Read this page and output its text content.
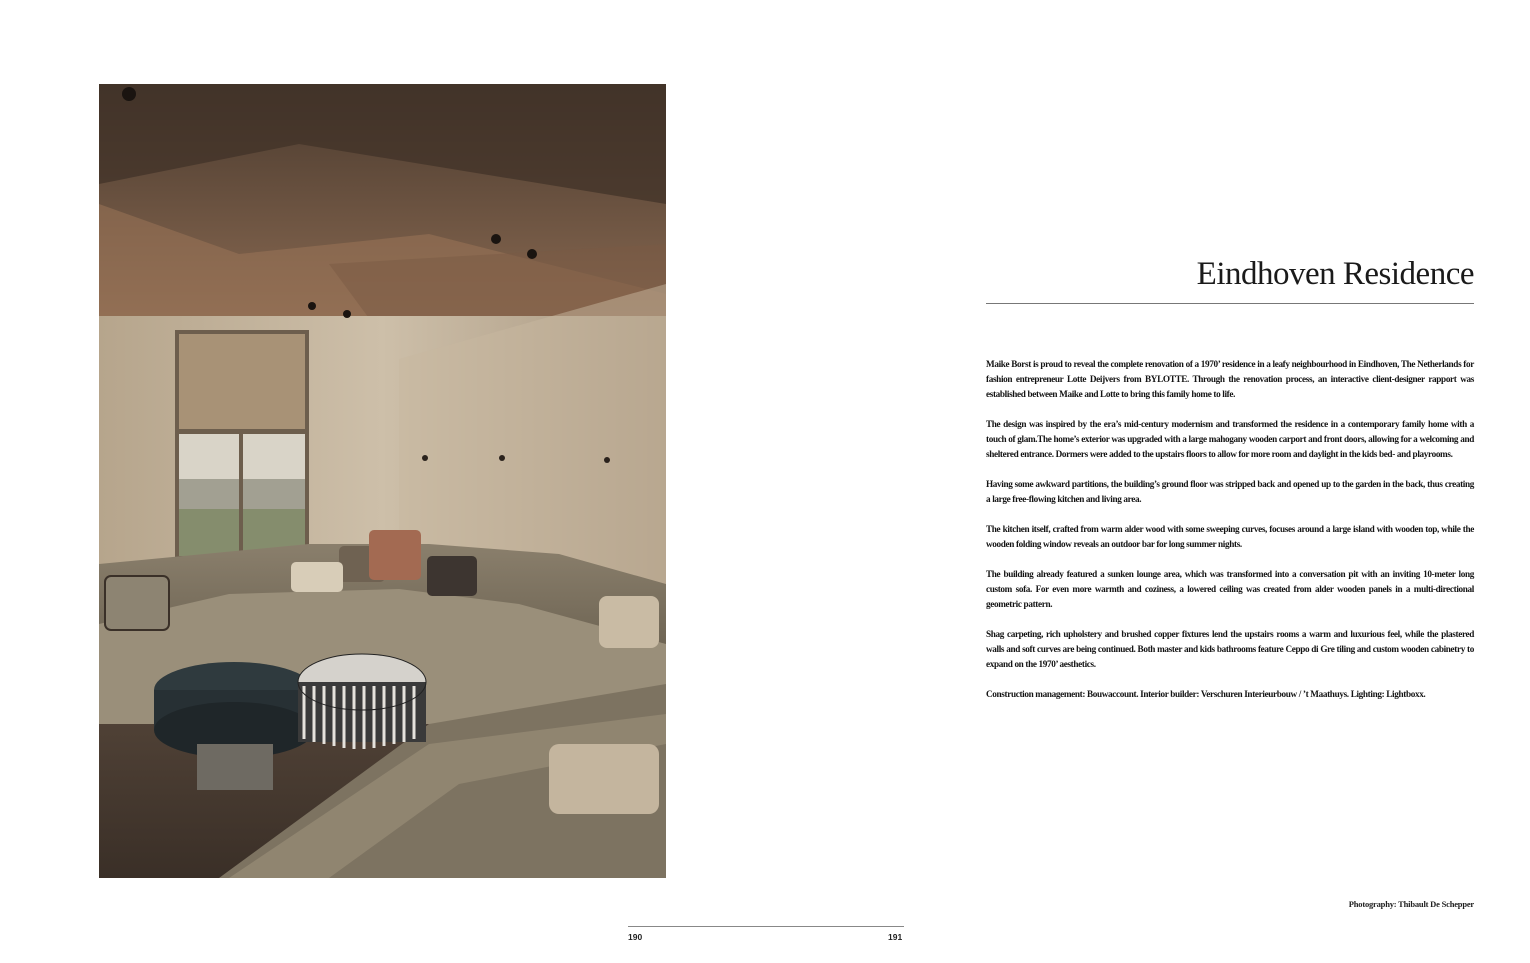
Eindhoven Residence

Maike Borst is proud to reveal the complete renovation of a 1970’ residence in a leafy neighbourhood in Eindhoven, The Netherlands for fashion entrepreneur Lotte Deijvers from BYLOTTE. Through the renovation process, an interactive client-designer rapport was established between Maike and Lotte to bring this family home to life.

The design was inspired by the era’s mid-century modernism and transformed the residence in a contemporary family home with a touch of glam.The home’s exterior was upgraded with a large mahogany wooden carport and front doors, allowing for a welcoming and sheltered entrance. Dormers were added to the upstairs floors to allow for more room and daylight in the kids bed- and playrooms.

Having some awkward partitions, the building’s ground floor was stripped back and opened up to the garden in the back, thus creating a large free-flowing kitchen and living area.

The kitchen itself, crafted from warm alder wood with some sweeping curves, focuses around a large island with wooden top, while the wooden folding window reveals an outdoor bar for long summer nights.

The building already featured a sunken lounge area, which was transformed into a conversation pit with an inviting 10-meter long custom sofa. For even more warmth and coziness, a lowered ceiling was created from alder wooden panels in a multi-directional geometric pattern.

Shag carpeting, rich upholstery and brushed copper fixtures lend the upstairs rooms a warm and luxurious feel, while the plastered walls and soft curves are being continued. Both master and kids bathrooms feature Ceppo di Gre tiling and custom wooden cabinetry to expand on the 1970’ aesthetics.

Construction management: Bouwaccount. Interior builder: Verschuren Interieurbouw / ’t Maathuys. Lighting: Lightboxx.

Photography: Thibault De Schepper
190	191
